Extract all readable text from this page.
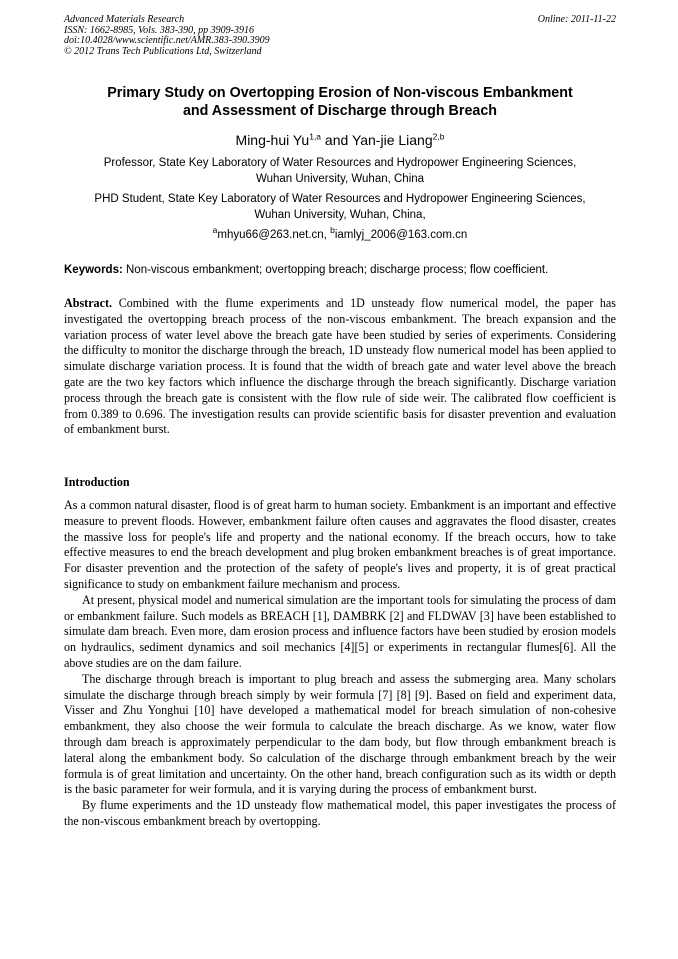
Advanced Materials Research
ISSN: 1662-8985, Vols. 383-390, pp 3909-3916
doi:10.4028/www.scientific.net/AMR.383-390.3909
© 2012 Trans Tech Publications Ltd, Switzerland
Online: 2011-11-22
Primary Study on Overtopping Erosion of Non-viscous Embankment
and Assessment of Discharge through Breach
Ming-hui Yu$^{1,a}$ and Yan-jie Liang$^{2,b}$
Professor, State Key Laboratory of Water Resources and Hydropower Engineering Sciences,
Wuhan University, Wuhan, China
PHD Student, State Key Laboratory of Water Resources and Hydropower Engineering Sciences,
Wuhan University, Wuhan, China,
$^a$mhyu66@263.net.cn, $^b$iamlyj_2006@163.com.cn
Keywords: Non-viscous embankment; overtopping breach; discharge process; flow coefficient.
Abstract. Combined with the flume experiments and 1D unsteady flow numerical model, the paper has investigated the overtopping breach process of the non-viscous embankment. The breach expansion and the variation process of water level above the breach gate have been studied by series of experiments. Considering the difficulty to monitor the discharge through the breach, 1D unsteady flow numerical model has been applied to simulate discharge variation process. It is found that the width of breach gate and water level above the breach gate are the two key factors which influence the discharge through the breach significantly. Discharge variation process through the breach gate is consistent with the flow rule of side weir. The calibrated flow coefficient is from 0.389 to 0.696. The investigation results can provide scientific basis for disaster prevention and evaluation of embankment burst.
Introduction

As a common natural disaster, flood is of great harm to human society. Embankment is an important and effective measure to prevent floods. However, embankment failure often causes and aggravates the flood disaster, creates the massive loss for people's life and property and the national economy. If the breach occurs, how to take effective measures to end the breach development and plug broken embankment breaches is of great importance. For disaster prevention and the protection of the safety of people's lives and property, it is of great practical significance to study on embankment failure mechanism and process.

At present, physical model and numerical simulation are the important tools for simulating the process of dam or embankment failure. Such models as BREACH [1], DAMBRK [2] and FLDWAV [3] have been established to simulate dam breach. Even more, dam erosion process and influence factors have been studied by erosion models on hydraulics, sediment dynamics and soil mechanics [4][5] or experiments in rectangular flumes[6]. All the above studies are on the dam failure.

The discharge through breach is important to plug breach and assess the submerging area. Many scholars simulate the discharge through breach simply by weir formula [7] [8] [9]. Based on field and experiment data, Visser and Zhu Yonghui [10] have developed a mathematical model for breach simulation of non-cohesive embankment, they also choose the weir formula to calculate the breach discharge. As we know, water flow through dam breach is approximately perpendicular to the dam body, but flow through embankment breach is lateral along the embankment body. So calculation of the discharge through embankment breach by the weir formula is of great limitation and uncertainty. On the other hand, breach configuration such as its width or depth is the basic parameter for weir formula, and it is varying during the process of embankment burst.

By flume experiments and the 1D unsteady flow mathematical model, this paper investigates the process of the non-viscous embankment breach by overtopping.
